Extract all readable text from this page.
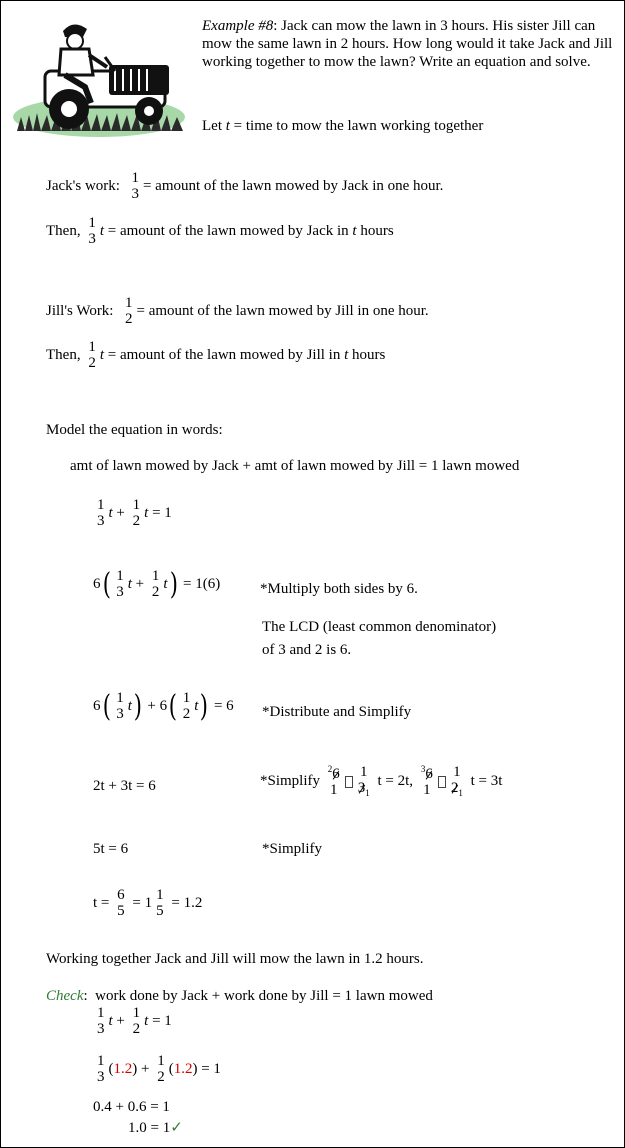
Example #8: Jack can mow the lawn in 3 hours. His sister Jill can mow the same lawn in 2 hours. How long would it take Jack and Jill working together to mow the lawn? Write an equation and solve.
Let t = time to mow the lawn working together
Jack's work:
1
3 = amount of the lawn mowed by Jack in one hour.
Then,
1
3 t = amount of the lawn mowed by Jack in t hours
Jill's Work:
1
2 = amount of the lawn mowed by Jill in one hour.
Then,
1
2 t = amount of the lawn mowed by Jill in t hours
Model the equation in words:
amt of lawn mowed by Jack + amt of lawn mowed by Jill = 1 lawn mowed
1
3 t +
1
2 t = 1
6( 1
3 t +
1
2 t) = 1(6)	*Multiply both sides by 6.
The LCD (least common denominator)
of 3 and 2 is 6.
6( 1
3 t) + 6( 1
2 t) = 6 *Distribute and Simplify
2t + 3t = 6	*Simplify
$^2$6
1
1
$3_1$
t = 2t,
$^3$6
1
1
$2_1$
t = 3t
5t = 6	*Simplify
t =
6
5 = 1
1
5 = 1.2
Working together Jack and Jill will mow the lawn in 1.2 hours.
Check:  work done by Jack + work done by Jill = 1 lawn mowed
1
3 t +
1
2 t = 1
1
3 (1.2) +
1
2 (1.2) = 1
0.4 + 0.6 = 1
1.0 = 1✓
